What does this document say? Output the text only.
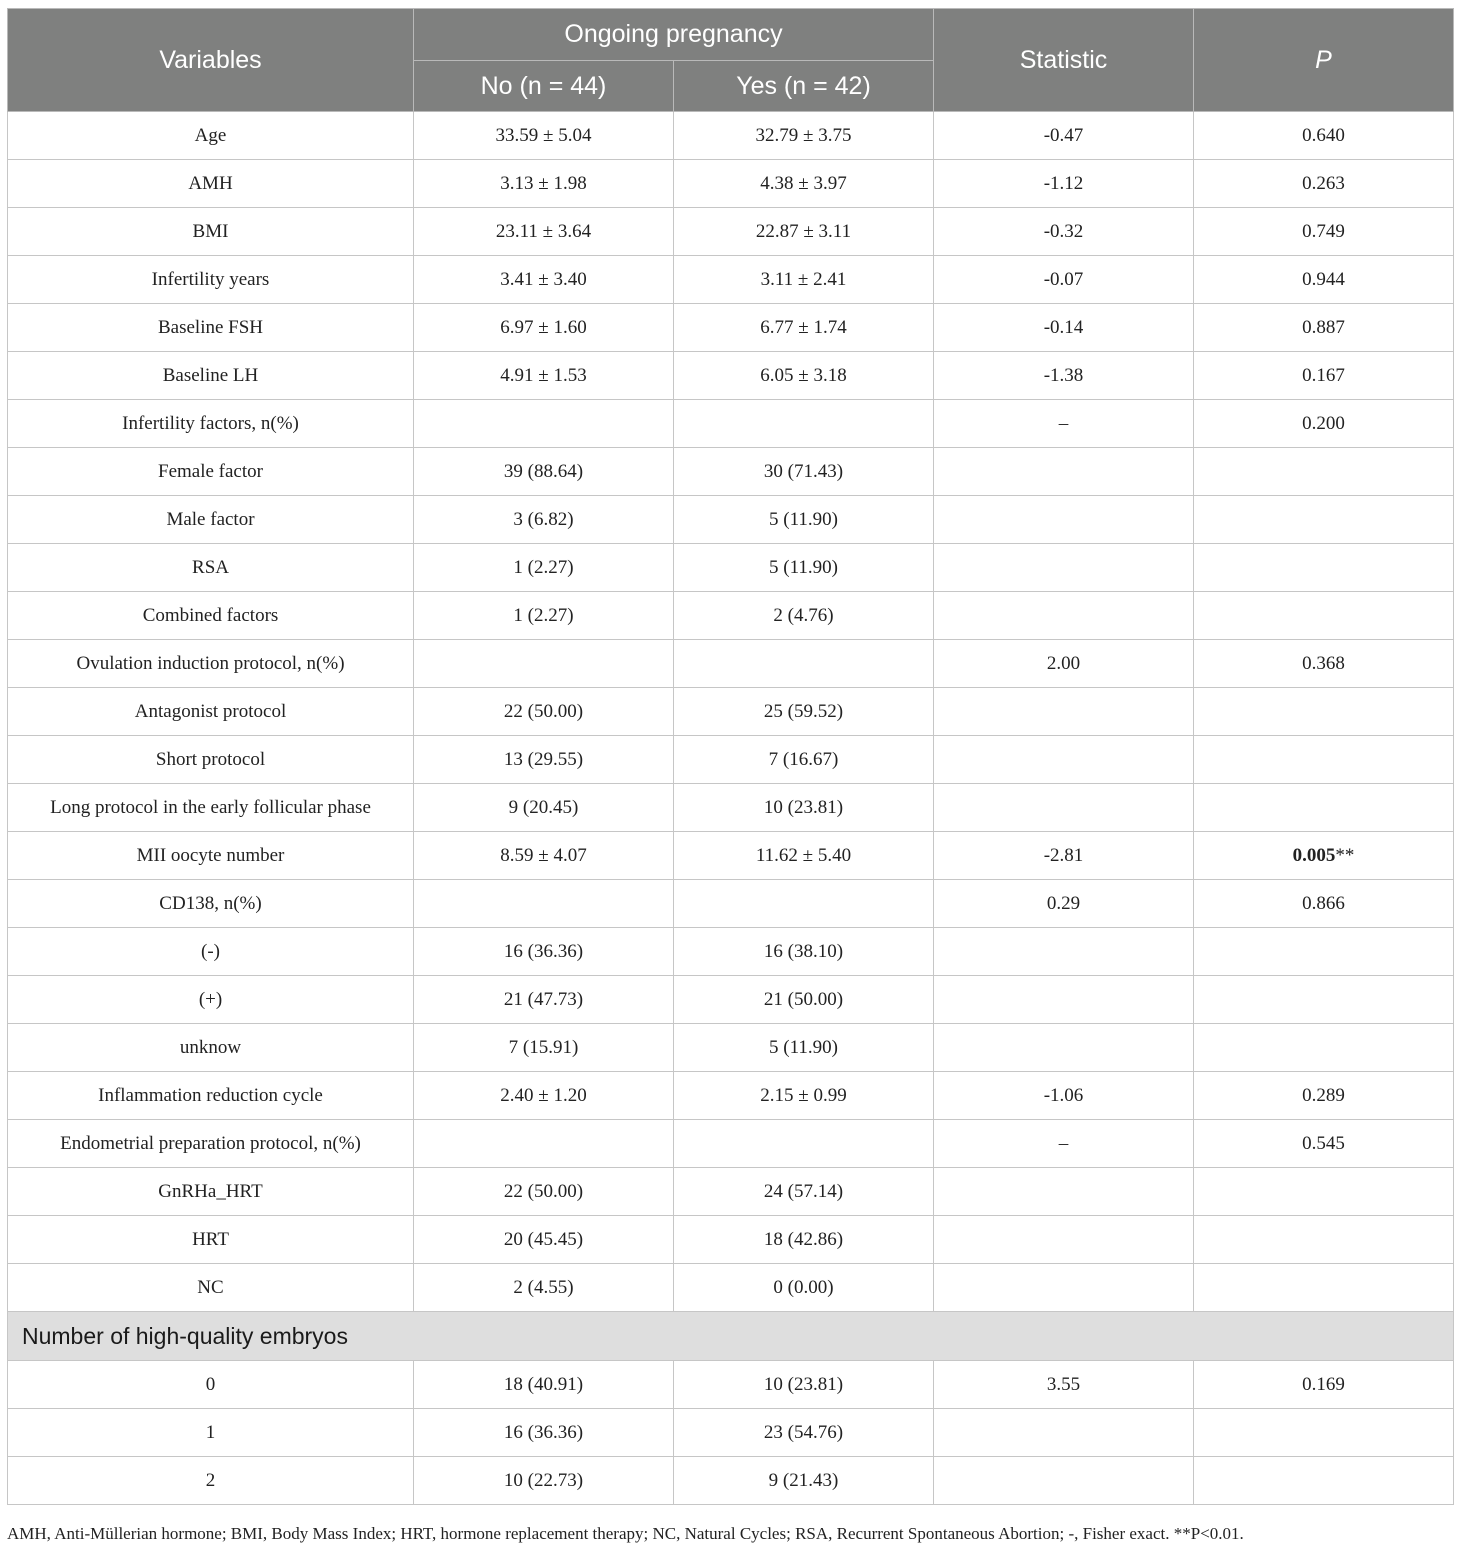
Variables	Ongoing pregnancy		Statistic	P
	No (n = 44)	Yes (n = 42)		
Age	33.59 ± 5.04	32.79 ± 3.75	-0.47	0.640
AMH	3.13 ± 1.98	4.38 ± 3.97	-1.12	0.263
BMI	23.11 ± 3.64	22.87 ± 3.11	-0.32	0.749
Infertility years	3.41 ± 3.40	3.11 ± 2.41	-0.07	0.944
Baseline FSH	6.97 ± 1.60	6.77 ± 1.74	-0.14	0.887
Baseline LH	4.91 ± 1.53	6.05 ± 3.18	-1.38	0.167
Infertility factors, n(%)			–	0.200
Female factor	39 (88.64)	30 (71.43)		
Male factor	3 (6.82)	5 (11.90)		
RSA	1 (2.27)	5 (11.90)		
Combined factors	1 (2.27)	2 (4.76)		
Ovulation induction protocol, n(%)			2.00	0.368
Antagonist protocol	22 (50.00)	25 (59.52)		
Short protocol	13 (29.55)	7 (16.67)		
Long protocol in the early follicular phase	9 (20.45)	10 (23.81)		
MII oocyte number	8.59 ± 4.07	11.62 ± 5.40	-2.81	0.005**
CD138, n(%)			0.29	0.866
(-)	16 (36.36)	16 (38.10)		
(+)	21 (47.73)	21 (50.00)		
unknow	7 (15.91)	5 (11.90)		
Inflammation reduction cycle	2.40 ± 1.20	2.15 ± 0.99	-1.06	0.289
Endometrial preparation protocol, n(%)			–	0.545
GnRHa_HRT	22 (50.00)	24 (57.14)		
HRT	20 (45.45)	18 (42.86)		
NC	2 (4.55)	0 (0.00)		
Number of high-quality embryos				
0	18 (40.91)	10 (23.81)	3.55	0.169
1	16 (36.36)	23 (54.76)		
2	10 (22.73)	9 (21.43)		
AMH, Anti-Müllerian hormone; BMI, Body Mass Index; HRT, hormone replacement therapy; NC, Natural Cycles; RSA, Recurrent Spontaneous Abortion; -, Fisher exact. **P<0.01.
